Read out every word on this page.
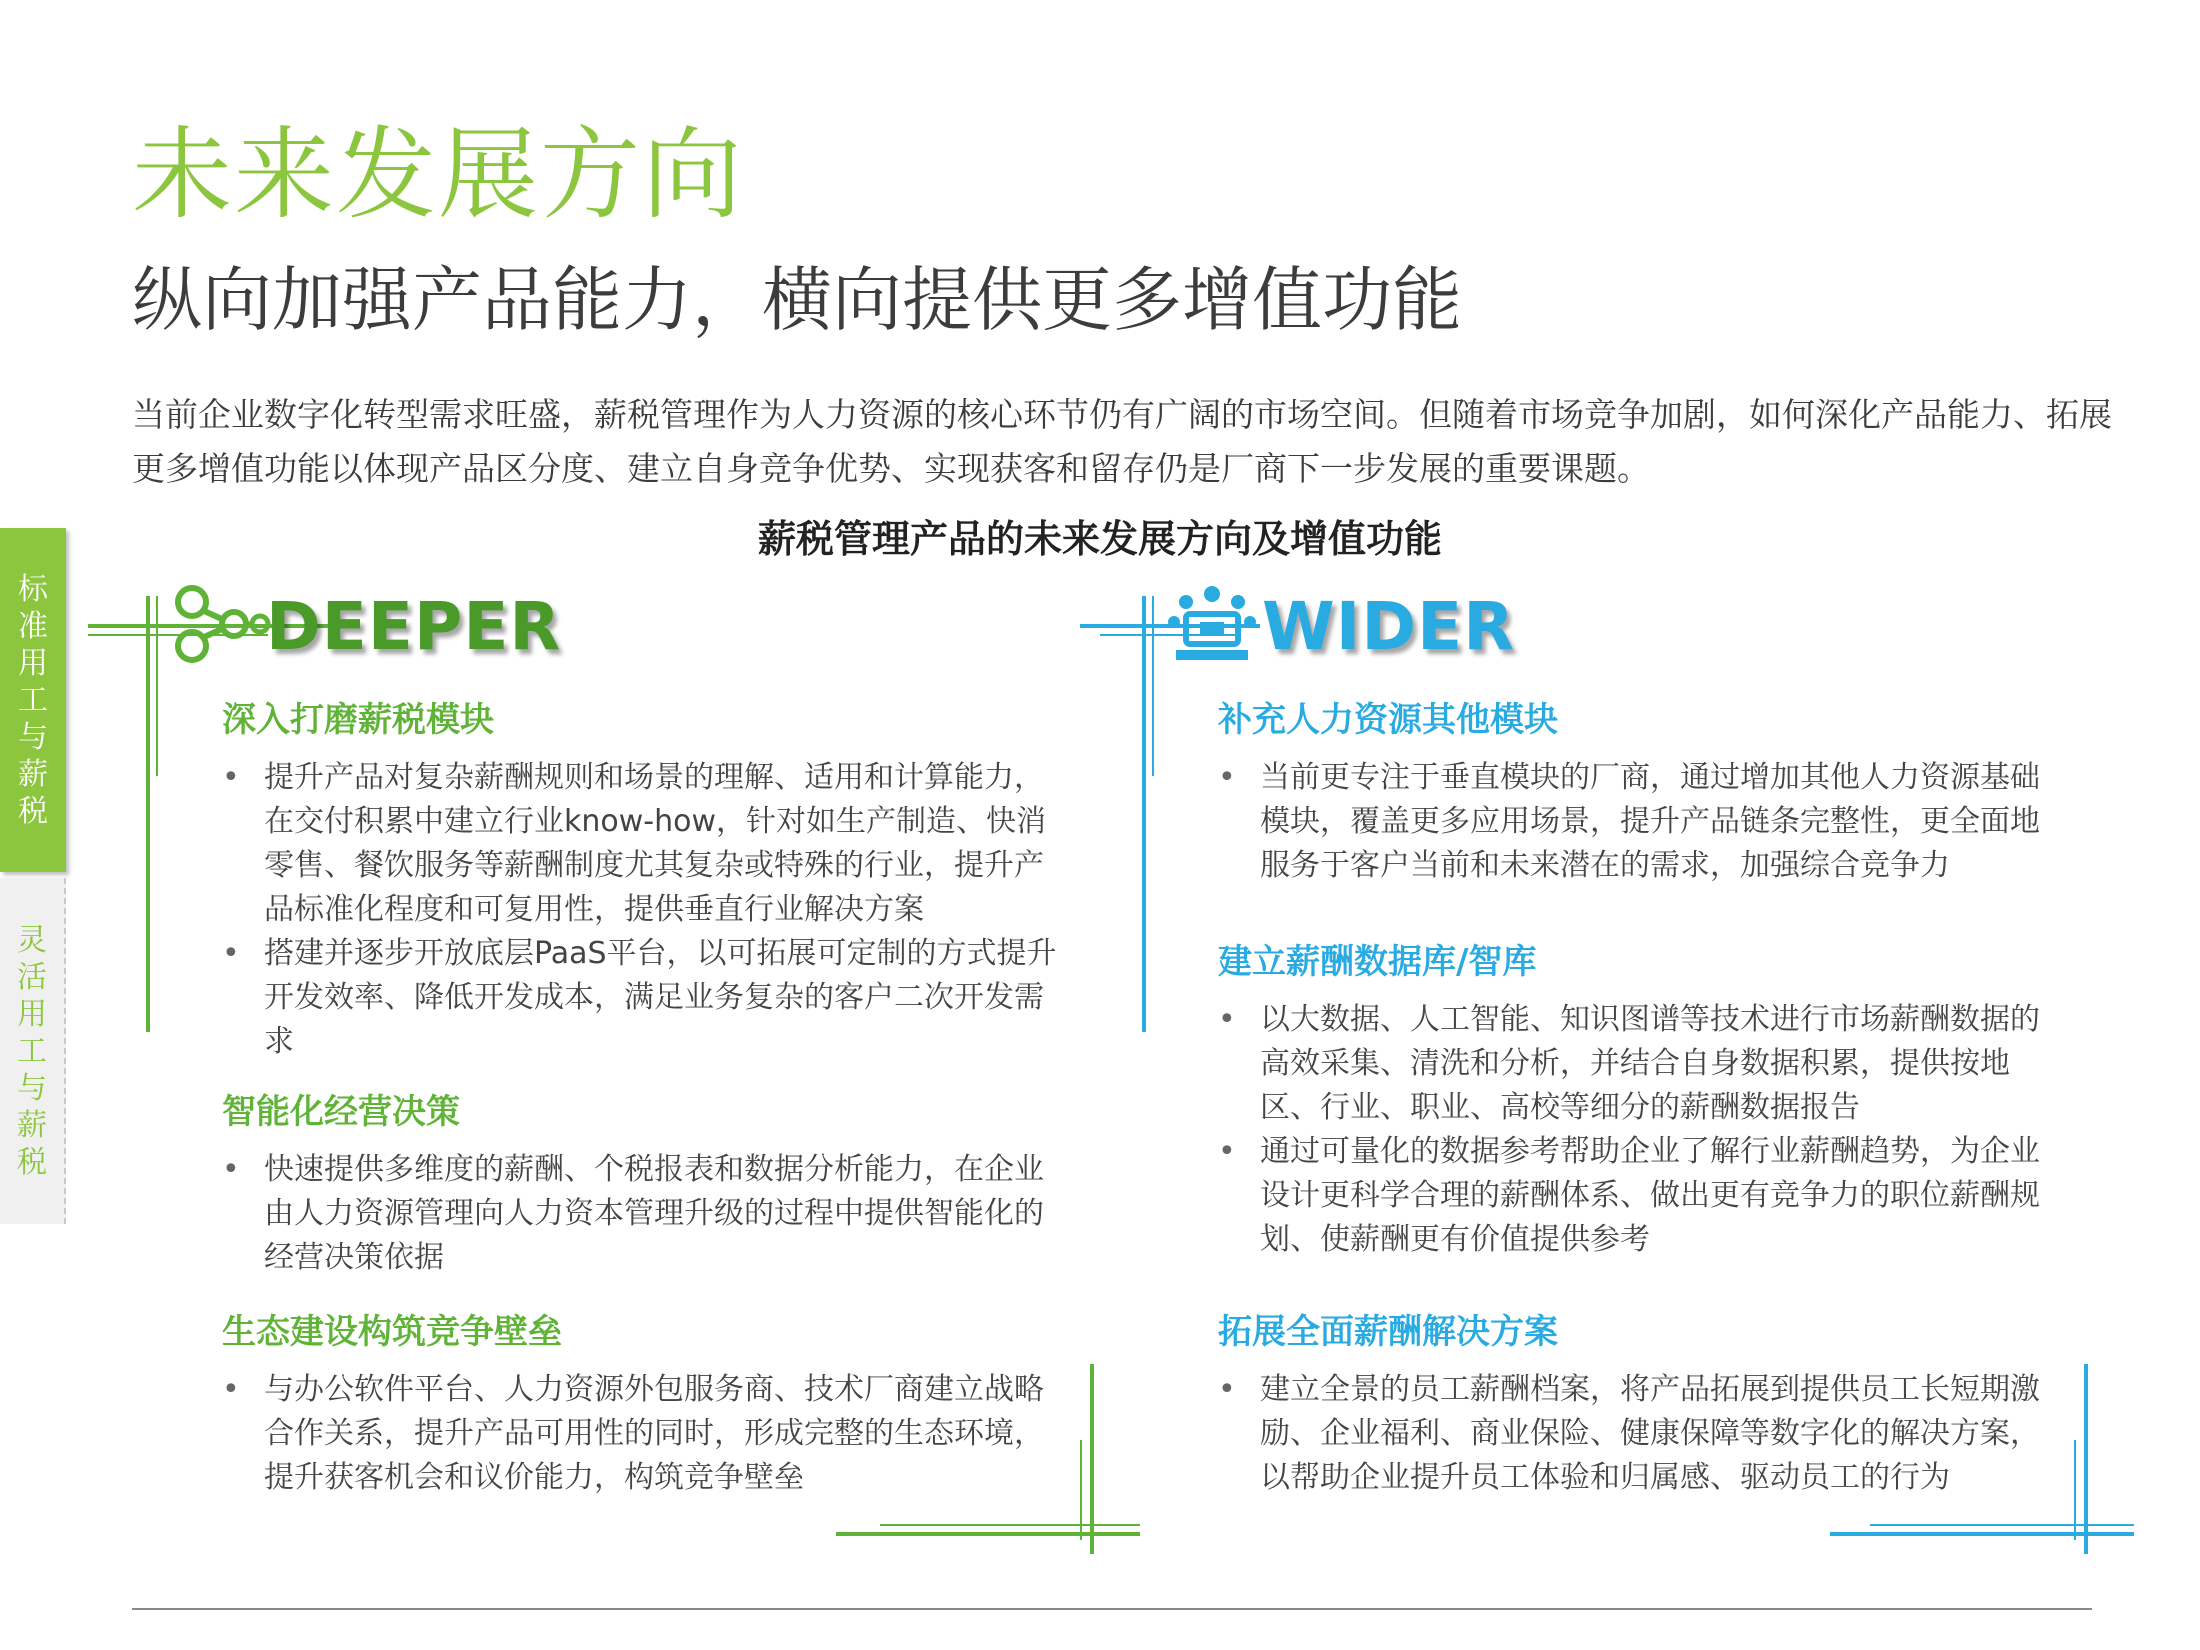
未来发展方向
纵向加强产品能力，横向提供更多增值功能
当前企业数字化转型需求旺盛，薪税管理作为人力资源的核心环节仍有广阔的市场空间。但随着市场竞争加剧，如何深化产品能力、拓展更多增值功能以体现产品区分度、建立自身竞争优势、实现获客和留存仍是厂商下一步发展的重要课题。
薪税管理产品的未来发展方向及增值功能
标
准
用
工
与
薪
税
灵
活
用
工
与
薪
税
DEEPER	WIDER
深入打磨薪税模块
• 提升产品对复杂薪酬规则和场景的理解、适用和计算能力，在交付积累中建立行业know-how，针对如生产制造、快消零售、餐饮服务等薪酬制度尤其复杂或特殊的行业，提升产品标准化程度和可复用性，提供垂直行业解决方案
• 搭建并逐步开放底层PaaS平台，以可拓展可定制的方式提升开发效率、降低开发成本，满足业务复杂的客户二次开发需求
智能化经营决策
• 快速提供多维度的薪酬、个税报表和数据分析能力，在企业由人力资源管理向人力资本管理升级的过程中提供智能化的经营决策依据
生态建设构筑竞争壁垒
• 与办公软件平台、人力资源外包服务商、技术厂商建立战略合作关系，提升产品可用性的同时，形成完整的生态环境，提升获客机会和议价能力，构筑竞争壁垒
补充人力资源其他模块
• 当前更专注于垂直模块的厂商，通过增加其他人力资源基础模块，覆盖更多应用场景，提升产品链条完整性，更全面地服务于客户当前和未来潜在的需求，加强综合竞争力
建立薪酬数据库/智库
• 以大数据、人工智能、知识图谱等技术进行市场薪酬数据的高效采集、清洗和分析，并结合自身数据积累，提供按地区、行业、职业、高校等细分的薪酬数据报告
• 通过可量化的数据参考帮助企业了解行业薪酬趋势，为企业设计更科学合理的薪酬体系、做出更有竞争力的职位薪酬规划、使薪酬更有价值提供参考
拓展全面薪酬解决方案
• 建立全景的员工薪酬档案，将产品拓展到提供员工长短期激励、企业福利、商业保险、健康保障等数字化的解决方案，以帮助企业提升员工体验和归属感、驱动员工的行为
